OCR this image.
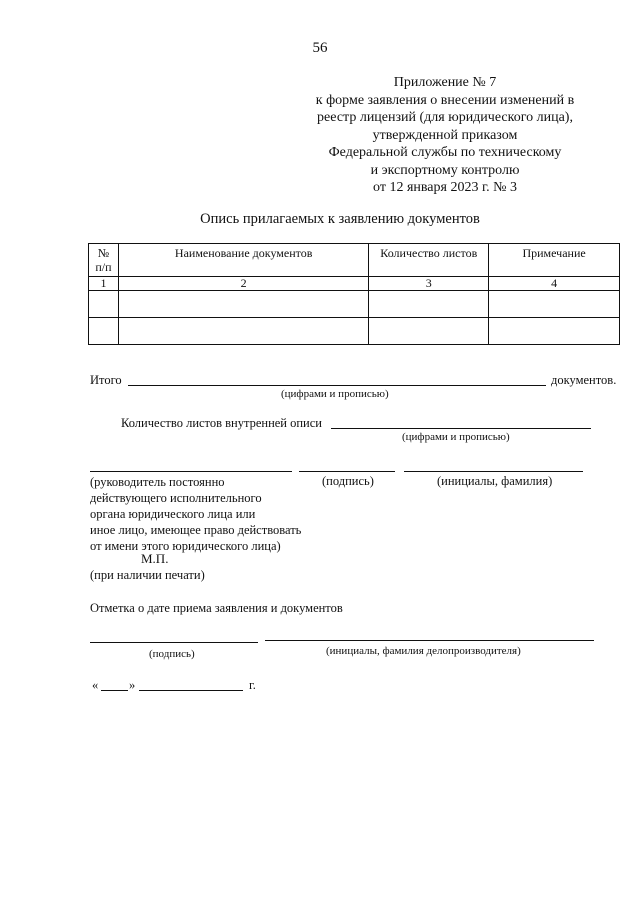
56
Приложение № 7
к форме заявления о внесении изменений в
реестр лицензий (для юридического лица),
утвержденной приказом
Федеральной службы по техническому
и экспортному контролю
от 12 января 2023 г. № 3
Опись прилагаемых к заявлению документов
№
п/п	Наименование документов	Количество листов	Примечание
1	2	3	4

Итого	документов.
(цифрами и прописью)
Количество листов внутренней описи
(цифрами и прописью)
(руководитель постоянно
действующего исполнительного
органа юридического лица или
иное лицо, имеющее право действовать
от имени этого юридического лица)
(подпись)	(инициалы, фамилия)
М.П.
(при наличии печати)
Отметка о дате приема заявления и документов
(подпись)	(инициалы, фамилия делопроизводителя)
« »	г.
